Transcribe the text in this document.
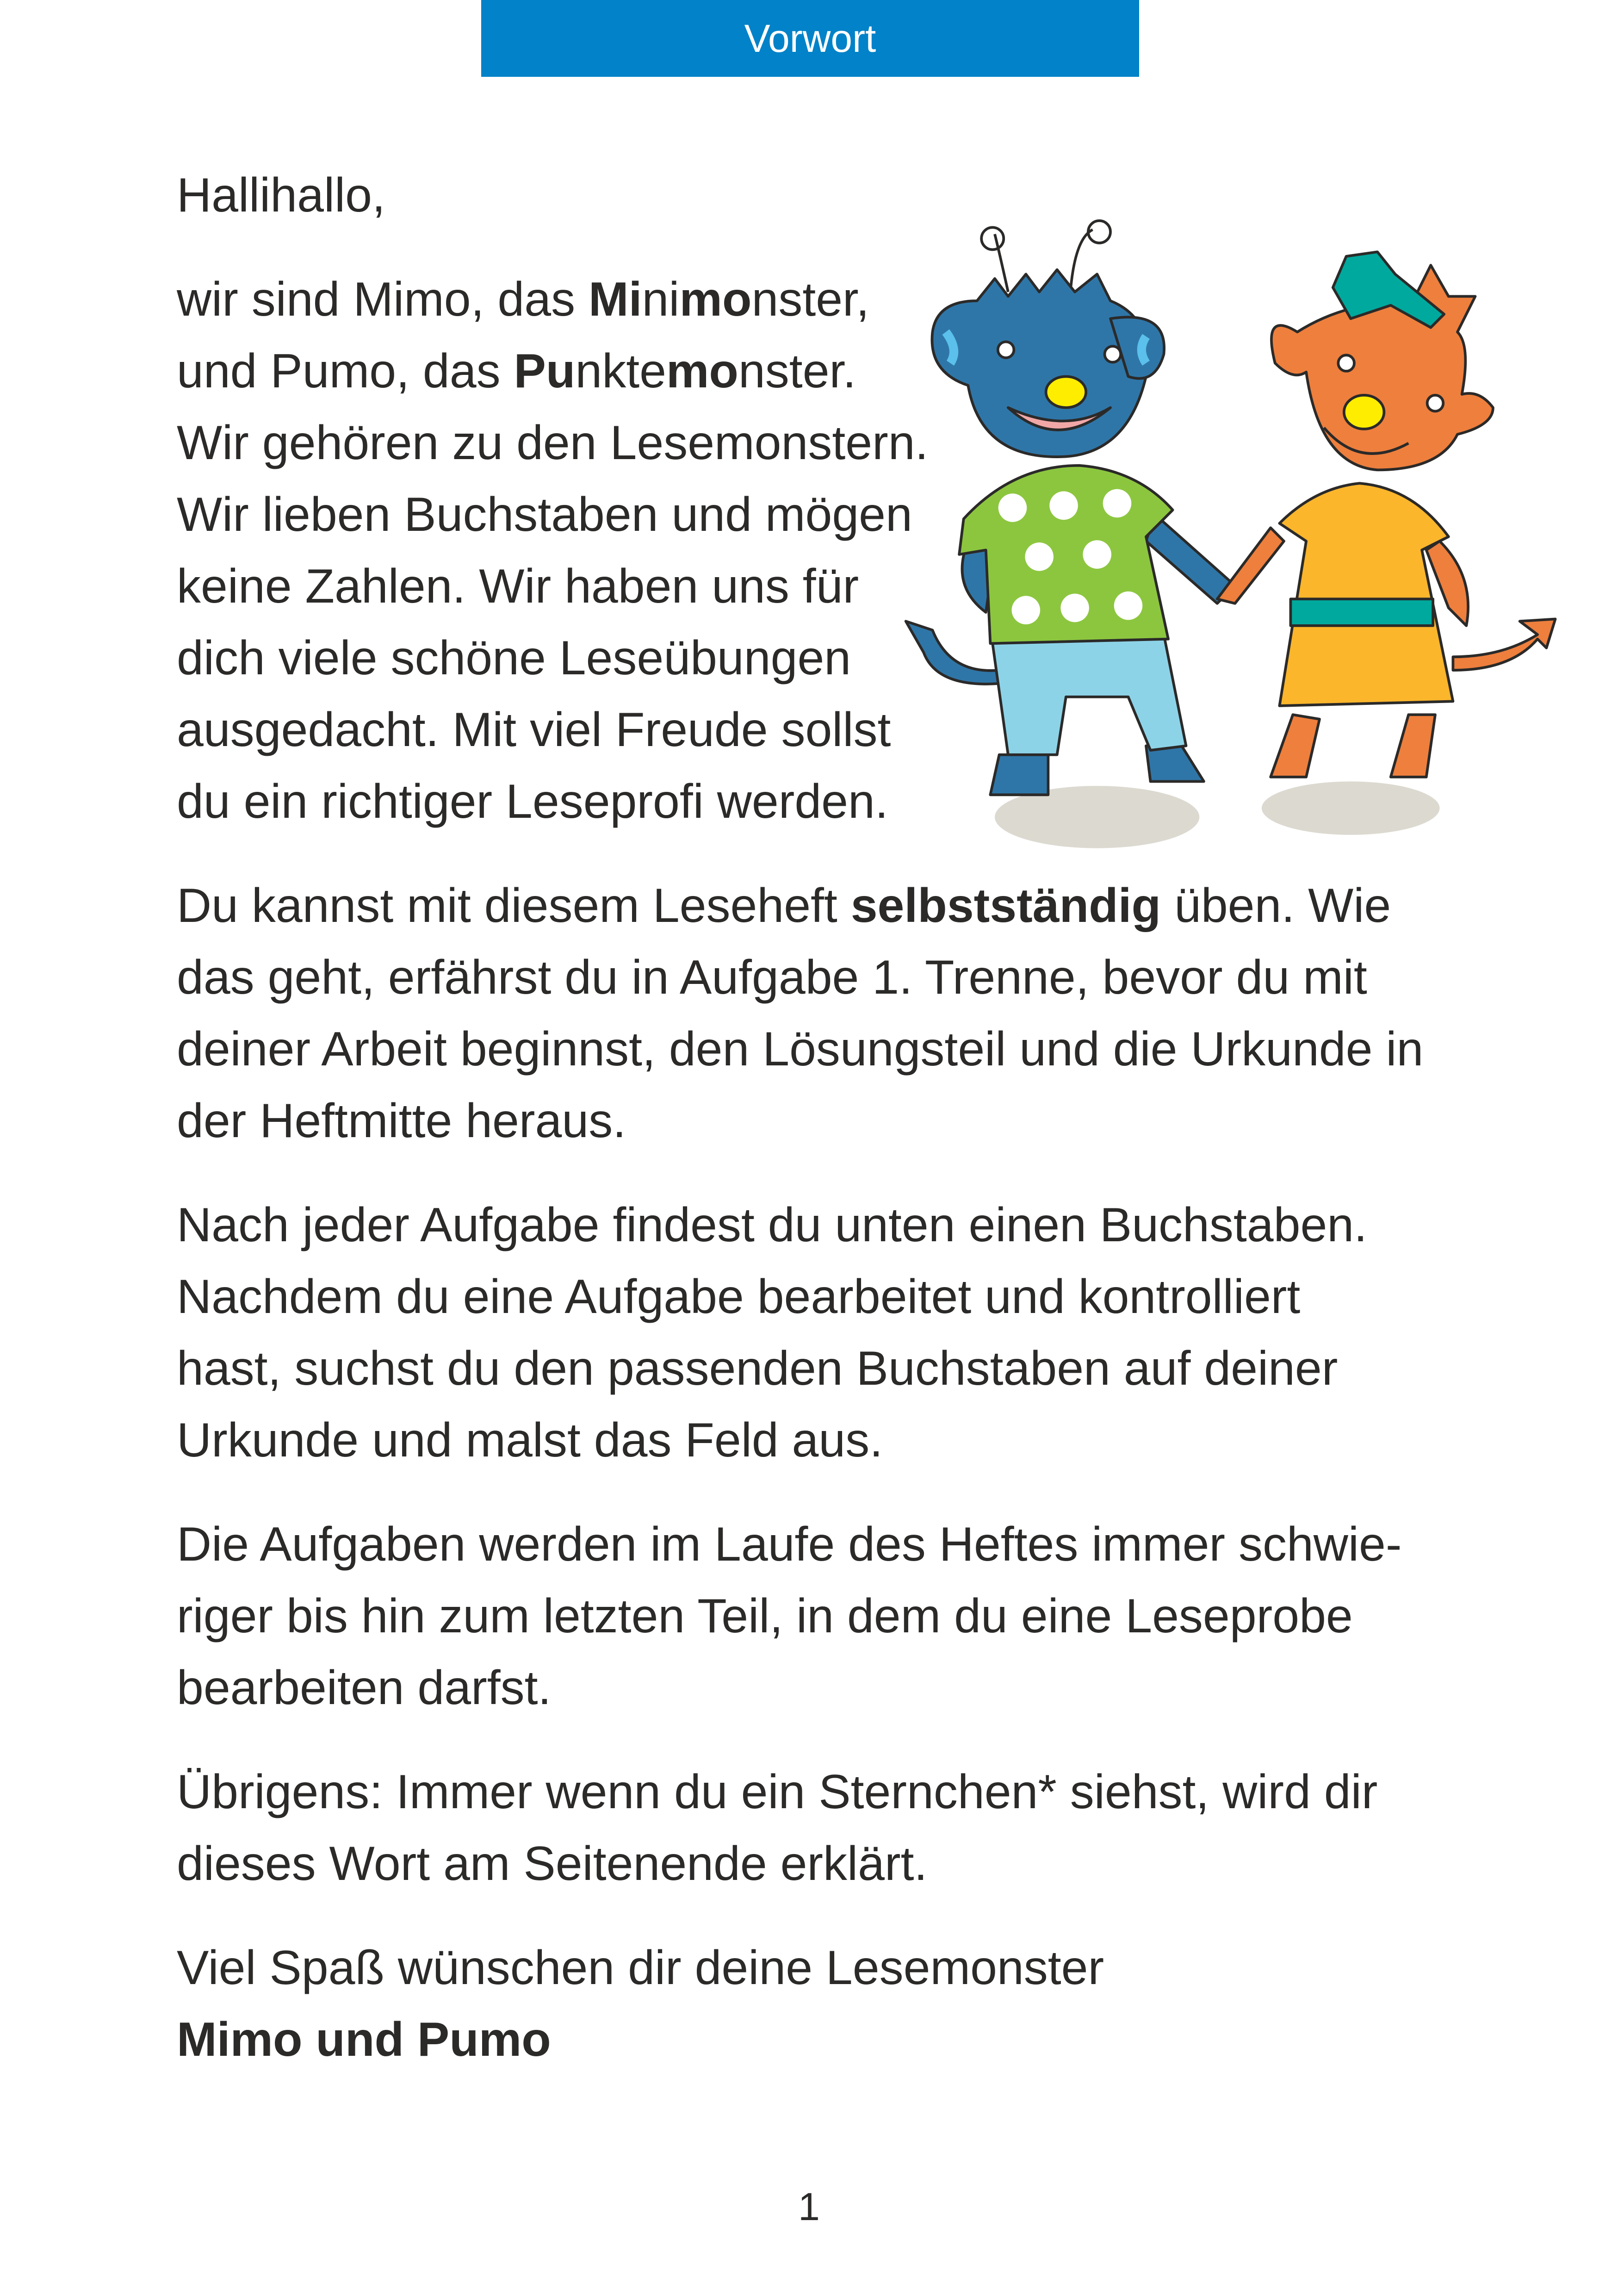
Vorwort
Hallihallo,
wir sind Mimo, das Minimonster,
und Pumo, das Punktemonster.
Wir gehören zu den Lesemonstern.
Wir lieben Buchstaben und mögen
keine Zahlen. Wir haben uns für
dich viele schöne Leseübungen
ausgedacht. Mit viel Freude sollst
du ein richtiger Leseprofi werden.
Du kannst mit diesem Leseheft selbstständig üben. Wie
das geht, erfährst du in Aufgabe 1. Trenne, bevor du mit
deiner Arbeit beginnst, den Lösungsteil und die Urkunde in
der Heftmitte heraus.
Nach jeder Aufgabe findest du unten einen Buchstaben.
Nachdem du eine Aufgabe bearbeitet und kontrolliert
hast, suchst du den passenden Buchstaben auf deiner
Urkunde und malst das Feld aus.
Die Aufgaben werden im Laufe des Heftes immer schwie-
riger bis hin zum letzten Teil, in dem du eine Leseprobe
bearbeiten darfst.
Übrigens: Immer wenn du ein Sternchen* siehst, wird dir
dieses Wort am Seitenende erklärt.
Viel Spaß wünschen dir deine Lesemonster
Mimo und Pumo
1
